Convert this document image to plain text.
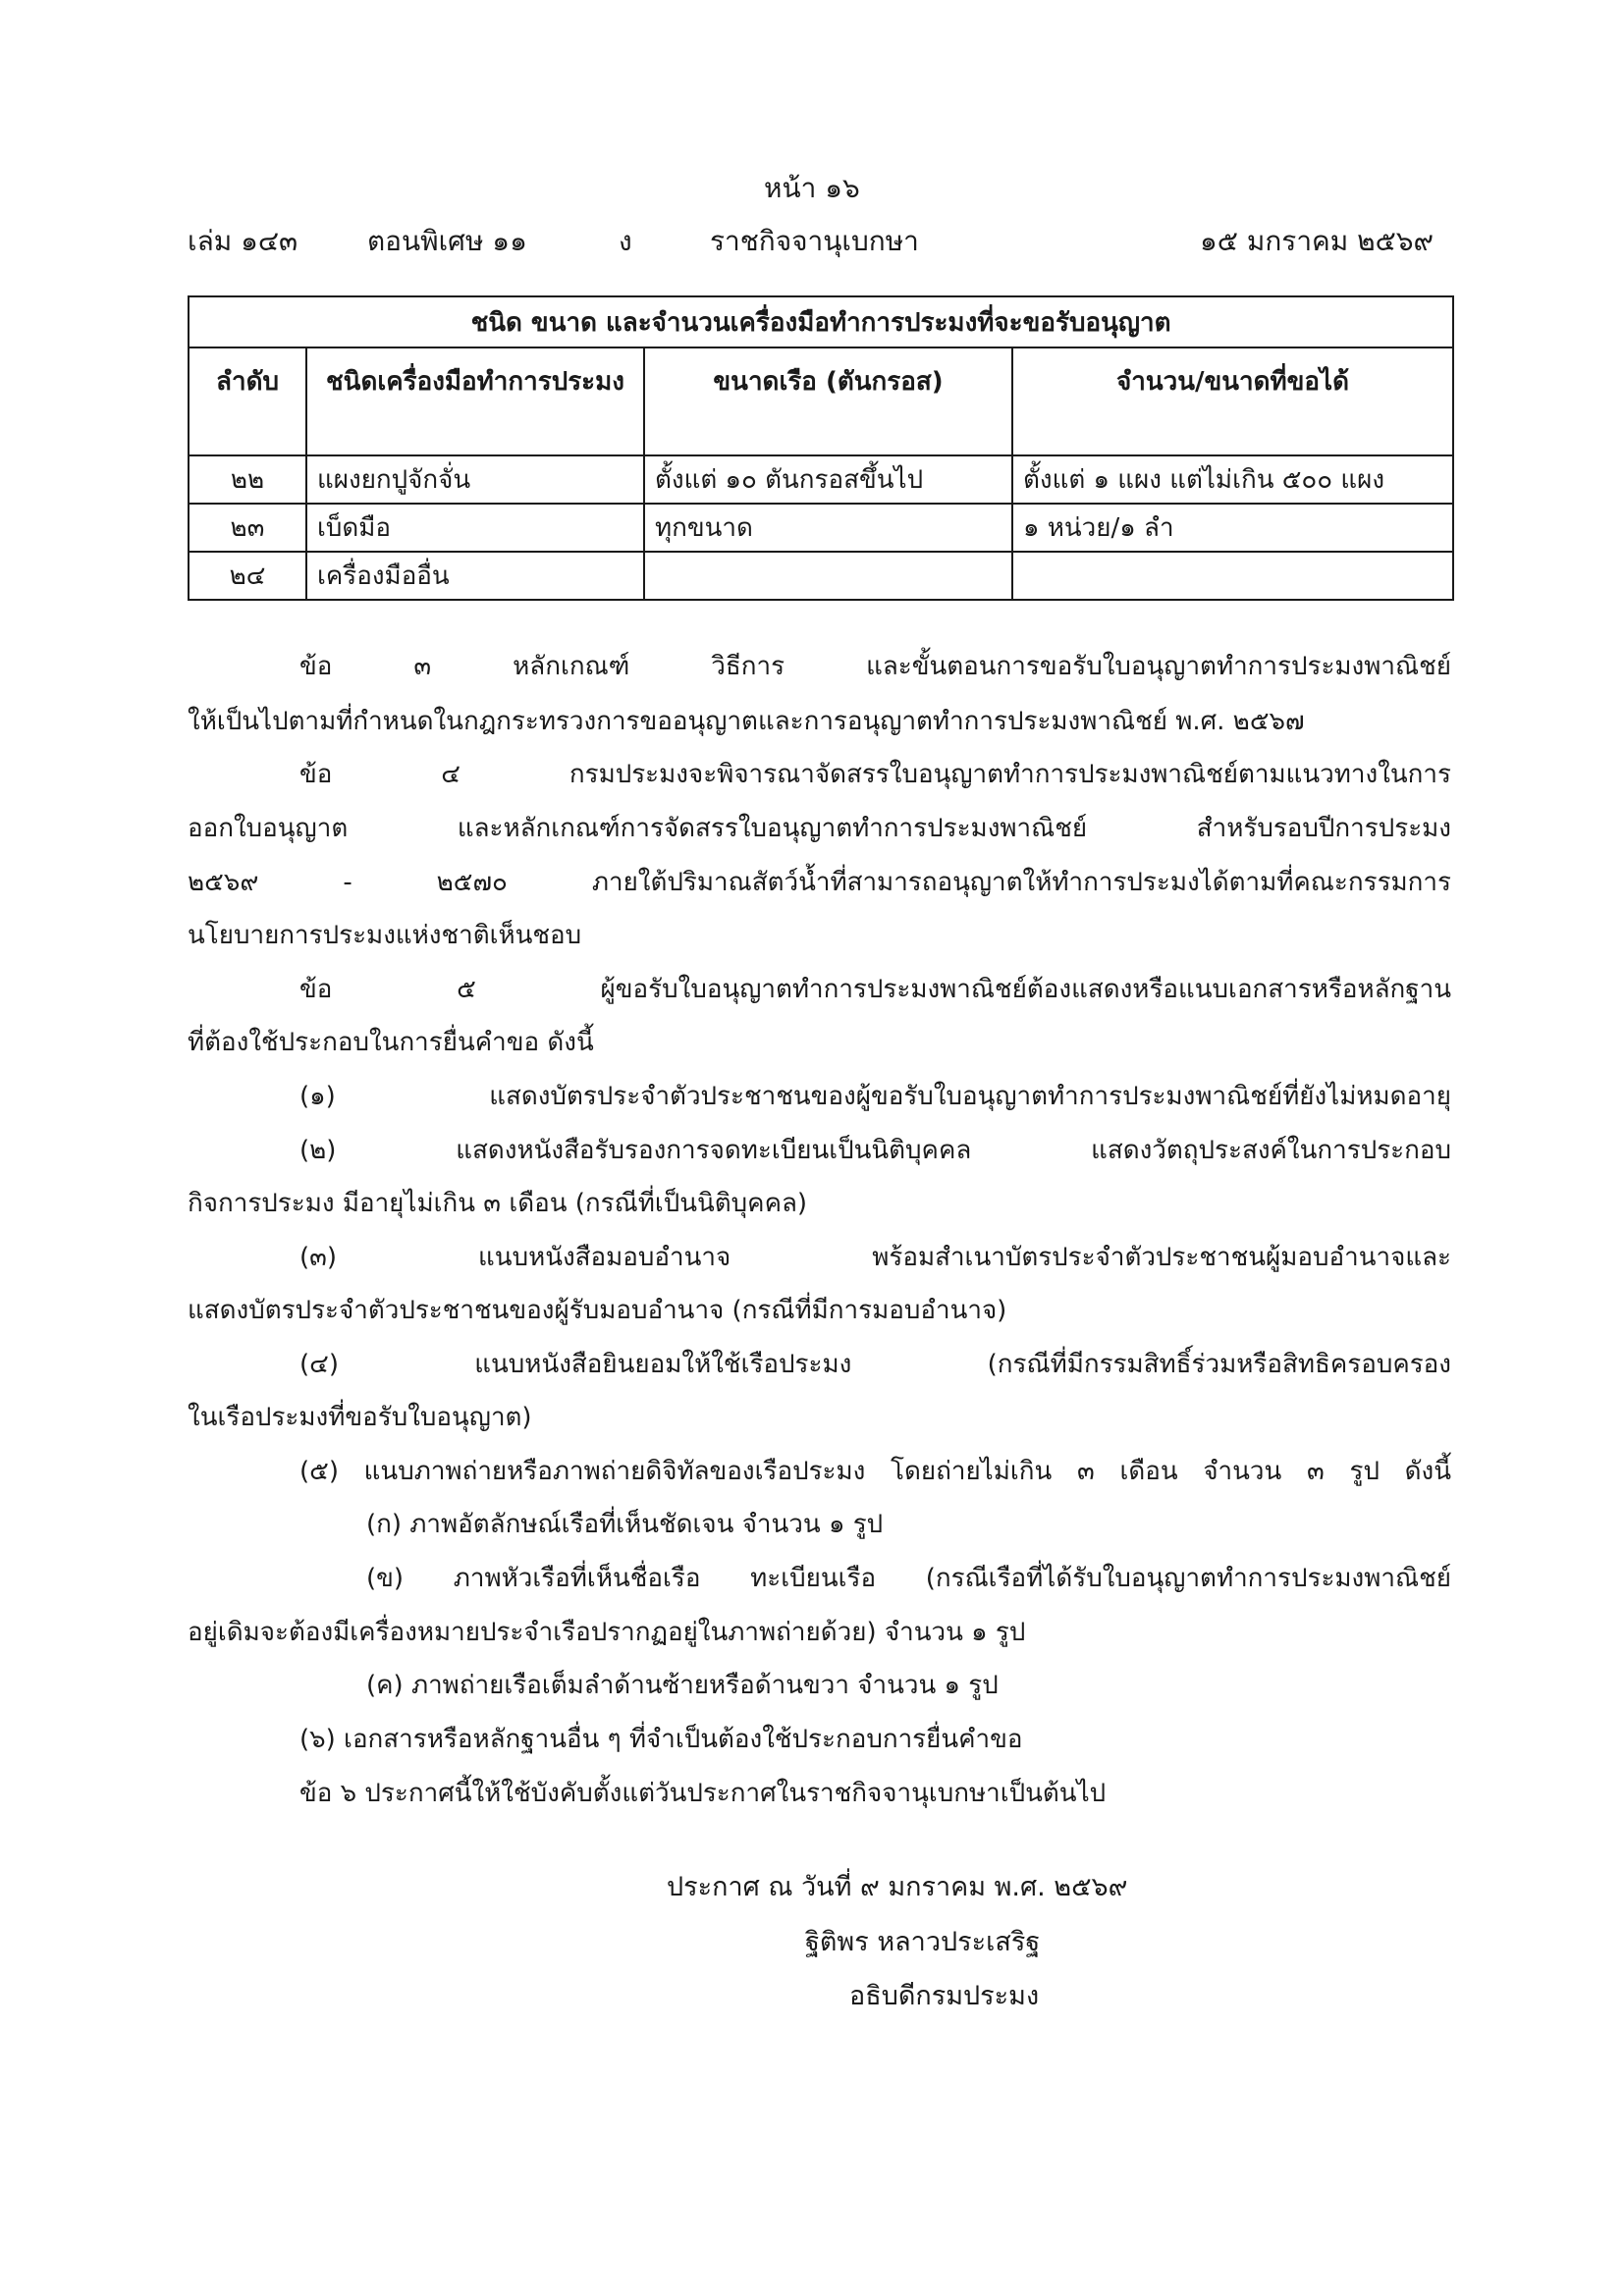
หน้า ๑๖
เล่ม ๑๔๓	ตอนพิเศษ ๑๑	ง	ราชกิจจานุเบกษา	๑๕ มกราคม ๒๕๖๙
ชนิด ขนาด และจำนวนเครื่องมือทำการประมงที่จะขอรับอนุญาต			
ลำดับ	ชนิดเครื่องมือทำการประมง	ขนาดเรือ (ตันกรอส)	จำนวน/ขนาดที่ขอได้
๒๒	แผงยกปูจักจั่น	ตั้งแต่ ๑๐ ตันกรอสขึ้นไป	ตั้งแต่ ๑ แผง แต่ไม่เกิน ๕๐๐ แผง
๒๓	เบ็ดมือ	ทุกขนาด	๑ หน่วย/๑ ลำ
๒๔	เครื่องมืออื่น		
ข้อ ๓ หลักเกณฑ์ วิธีการ และขั้นตอนการขอรับใบอนุญาตทำการประมงพาณิชย์
ให้เป็นไปตามที่กำหนดในกฎกระทรวงการขออนุญาตและการอนุญาตทำการประมงพาณิชย์ พ.ศ. ๒๕๖๗
ข้อ ๔ กรมประมงจะพิจารณาจัดสรรใบอนุญาตทำการประมงพาณิชย์ตามแนวทางในการ
ออกใบอนุญาต และหลักเกณฑ์การจัดสรรใบอนุญาตทำการประมงพาณิชย์ สำหรับรอบปีการประมง
๒๕๖๙ - ๒๕๗๐ ภายใต้ปริมาณสัตว์น้ำที่สามารถอนุญาตให้ทำการประมงได้ตามที่คณะกรรมการ
นโยบายการประมงแห่งชาติเห็นชอบ
ข้อ ๕ ผู้ขอรับใบอนุญาตทำการประมงพาณิชย์ต้องแสดงหรือแนบเอกสารหรือหลักฐาน
ที่ต้องใช้ประกอบในการยื่นคำขอ ดังนี้
(๑) แสดงบัตรประจำตัวประชาชนของผู้ขอรับใบอนุญาตทำการประมงพาณิชย์ที่ยังไม่หมดอายุ
(๒) แสดงหนังสือรับรองการจดทะเบียนเป็นนิติบุคคล แสดงวัตถุประสงค์ในการประกอบ
กิจการประมง มีอายุไม่เกิน ๓ เดือน (กรณีที่เป็นนิติบุคคล)
(๓) แนบหนังสือมอบอำนาจ พร้อมสำเนาบัตรประจำตัวประชาชนผู้มอบอำนาจและ
แสดงบัตรประจำตัวประชาชนของผู้รับมอบอำนาจ (กรณีที่มีการมอบอำนาจ)
(๔) แนบหนังสือยินยอมให้ใช้เรือประมง (กรณีที่มีกรรมสิทธิ์ร่วมหรือสิทธิครอบครอง
ในเรือประมงที่ขอรับใบอนุญาต)
(๕) แนบภาพถ่ายหรือภาพถ่ายดิจิทัลของเรือประมง โดยถ่ายไม่เกิน ๓ เดือน จำนวน ๓ รูป ดังนี้
(ก) ภาพอัตลักษณ์เรือที่เห็นชัดเจน จำนวน ๑ รูป
(ข) ภาพหัวเรือที่เห็นชื่อเรือ ทะเบียนเรือ (กรณีเรือที่ได้รับใบอนุญาตทำการประมงพาณิชย์
อยู่เดิมจะต้องมีเครื่องหมายประจำเรือปรากฏอยู่ในภาพถ่ายด้วย) จำนวน ๑ รูป
(ค) ภาพถ่ายเรือเต็มลำด้านซ้ายหรือด้านขวา จำนวน ๑ รูป
(๖) เอกสารหรือหลักฐานอื่น ๆ ที่จำเป็นต้องใช้ประกอบการยื่นคำขอ
ข้อ ๖ ประกาศนี้ให้ใช้บังคับตั้งแต่วันประกาศในราชกิจจานุเบกษาเป็นต้นไป
ประกาศ ณ วันที่ ๙ มกราคม พ.ศ. ๒๕๖๙
ฐิติพร หลาวประเสริฐ
อธิบดีกรมประมง
